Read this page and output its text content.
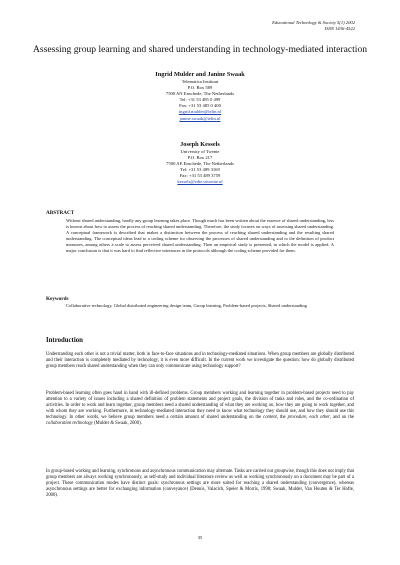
Educational Technology & Society 5(1) 2002
ISSN 1436-4522
Assessing group learning and shared understanding in technology-mediated interaction
Ingrid Mulder and Janine Swaak
Telematica Instituut
P.O. Box 589
7500 AN Enschede, The Netherlands
Tel: +31 53 485 0 499
Fax: +31 53 485 0 400
ingrid.mulder@telin.nl
janine.swaak@telin.nl
Joseph Kessels
University of Twente
P.O. Box 217
7500 AE Enschede, The Netherlands
Tel: +31 53 489 3169
Fax: +31 53 489 3759
kessels@edte.utwente.nl
ABSTRACT
Without shared understanding, hardly any group learning takes place. Though much has been written about the essence of shared understanding, less is known about how to assess the process of reaching shared understanding. Therefore, the study focuses on ways of assessing shared understanding. A conceptual framework is described that makes a distinction between the process of reaching shared understanding and the resulting shared understanding. The conceptual ideas lead to a coding scheme for observing the processes of shared understanding and to the definition of product measures, among others a scale to assess perceived shared understanding. Then an empirical study is presented, in which the model is applied. A major conclusion is that it was hard to find reflective utterances in the protocols although the coding scheme provided for them.
Keywords
Collaborative technology, Global distributed engineering design team, Group learning, Problem-based projects, Shared understanding
Introduction
Understanding each other is not a trivial matter, both in face-to-face situations and in technology-mediated situations. When group members are globally distributed and their interaction is completely mediated by technology, it is even more difficult. In the current work we investigate the question: how do globally distributed group members reach shared understanding when they can only communicate using technology support?
Problem-based learning often goes hand in hand with ill-defined problems. Group members working and learning together in problem-based projects need to pay attention to a variety of issues including a shared definition of problem statements and project goals, the division of tasks and roles, and the co-ordination of activities. In order to work and learn together, group members need a shared understanding of what they are working on, how they are going to work together, and with whom they are working. Furthermore, in technology-mediated interaction they need to know what technology they should use, and how they should use this technology. In other words, we believe group members need a certain amount of shared understanding on the content, the procedure, each other, and on the collaboration technology (Mulder & Swaak, 2000).
In group-based working and learning, synchronous and asynchronous communication may alternate. Tasks are carried out groupwise, though this does not imply that group members are always working synchronously, as self-study and individual literature review as well as working synchronously on a document may be part of a project. These communication modes have distinct goals: synchronous settings are more suited for reaching a shared understanding (convergence), whereas asynchronous settings are better for exchanging information (conveyance) (Dennis, Valacich, Speier & Morris, 1998; Swaak, Mulder, Van Houten & Ter Hofte, 2000).
35
